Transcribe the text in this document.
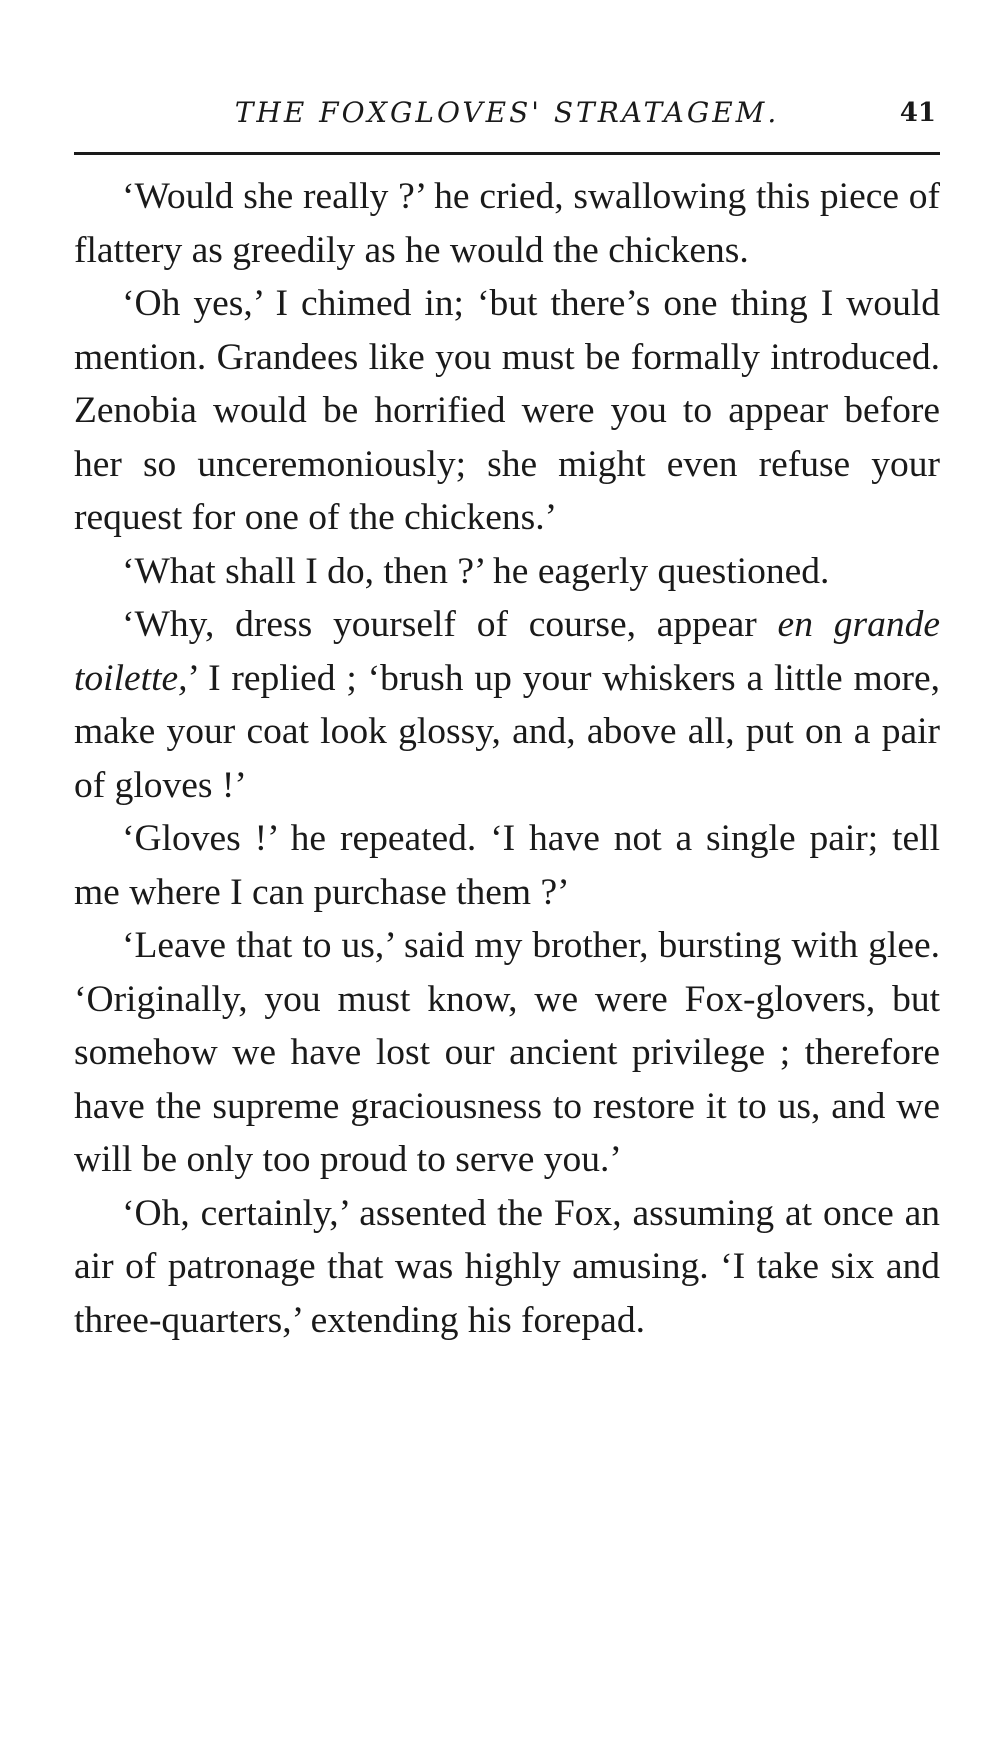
THE FOXGLOVES' STRATAGEM.	41

‘Would she really ?’ he cried, swallowing this piece of flattery as greedily as he would the chickens.

‘Oh yes,’ I chimed in; ‘but there’s one thing I would mention. Grandees like you must be formally introduced. Zenobia would be horrified were you to appear before her so unceremoniously; she might even refuse your request for one of the chickens.’

‘What shall I do, then ?’ he eagerly questioned.

‘Why, dress yourself of course, appear en grande toilette,’ I replied ; ‘brush up your whiskers a little more, make your coat look glossy, and, above all, put on a pair of gloves !’

‘Gloves !’ he repeated. ‘I have not a single pair; tell me where I can purchase them ?’

‘Leave that to us,’ said my brother, bursting with glee. ‘Originally, you must know, we were Fox-glovers, but somehow we have lost our ancient privilege ; therefore have the supreme graciousness to restore it to us, and we will be only too proud to serve you.’

‘Oh, certainly,’ assented the Fox, assuming at once an air of patronage that was highly amusing. ‘I take six and three-quarters,’ extending his forepad.
